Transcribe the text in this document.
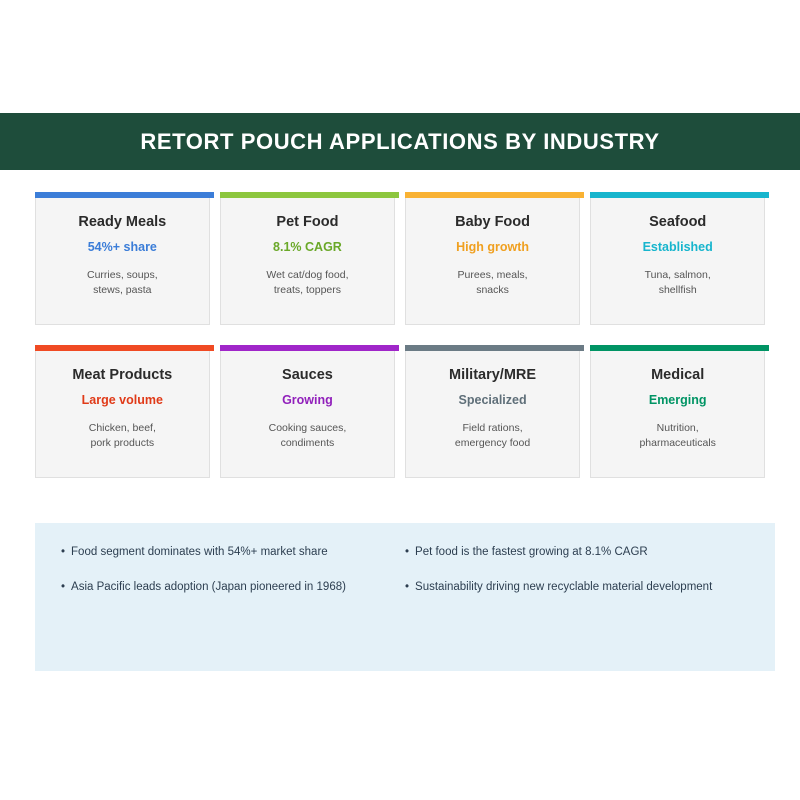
RETORT POUCH APPLICATIONS BY INDUSTRY
Ready Meals
54%+ share
Curries, soups,
stews, pasta
Pet Food
8.1% CAGR
Wet cat/dog food,
treats, toppers
Baby Food
High growth
Purees, meals,
snacks
Seafood
Established
Tuna, salmon,
shellfish
Meat Products
Large volume
Chicken, beef,
pork products
Sauces
Growing
Cooking sauces,
condiments
Military/MRE
Specialized
Field rations,
emergency food
Medical
Emerging
Nutrition,
pharmaceuticals
• Food segment dominates with 54%+ market share
• Asia Pacific leads adoption (Japan pioneered in 1968)
• Pet food is the fastest growing at 8.1% CAGR
• Sustainability driving new recyclable material development
